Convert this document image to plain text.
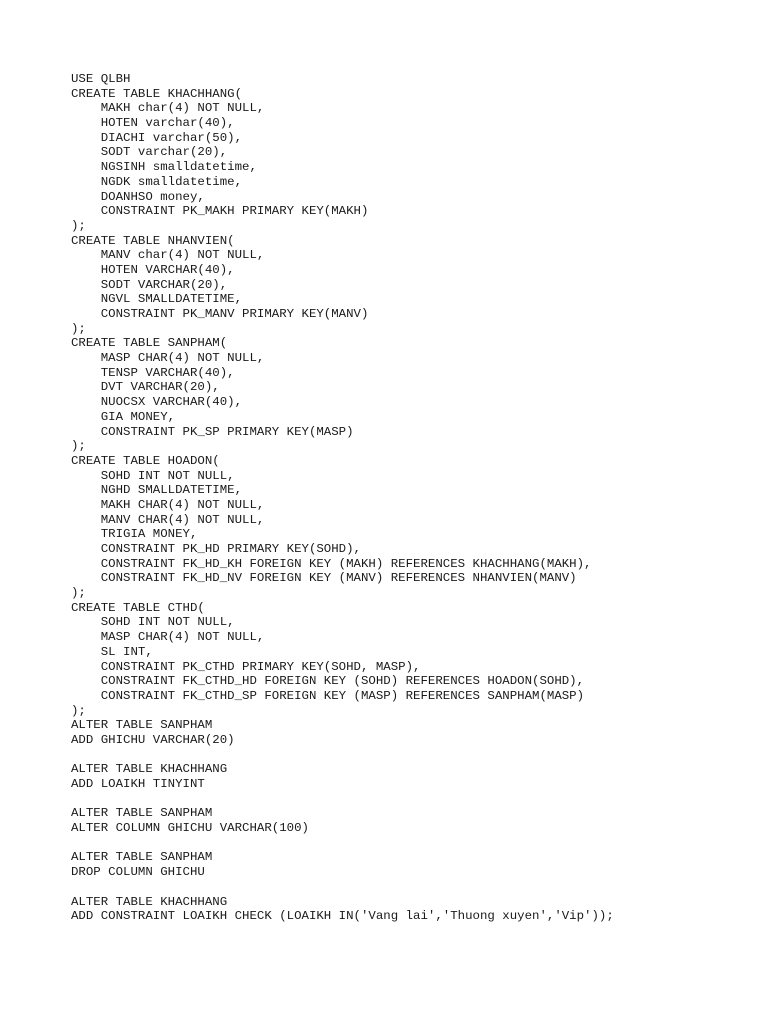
USE QLBH
CREATE TABLE KHACHHANG(
MAKH char(4) NOT NULL,
HOTEN varchar(40),
DIACHI varchar(50),
SODT varchar(20),
NGSINH smalldatetime,
NGDK smalldatetime,
DOANHSO money,
CONSTRAINT PK_MAKH PRIMARY KEY(MAKH)
);
CREATE TABLE NHANVIEN(
MANV char(4) NOT NULL,
HOTEN VARCHAR(40),
SODT VARCHAR(20),
NGVL SMALLDATETIME,
CONSTRAINT PK_MANV PRIMARY KEY(MANV)
);
CREATE TABLE SANPHAM(
MASP CHAR(4) NOT NULL,
TENSP VARCHAR(40),
DVT VARCHAR(20),
NUOCSX VARCHAR(40),
GIA MONEY,
CONSTRAINT PK_SP PRIMARY KEY(MASP)
);
CREATE TABLE HOADON(
SOHD INT NOT NULL,
NGHD SMALLDATETIME,
MAKH CHAR(4) NOT NULL,
MANV CHAR(4) NOT NULL,
TRIGIA MONEY,
CONSTRAINT PK_HD PRIMARY KEY(SOHD),
CONSTRAINT FK_HD_KH FOREIGN KEY (MAKH) REFERENCES KHACHHANG(MAKH),
CONSTRAINT FK_HD_NV FOREIGN KEY (MANV) REFERENCES NHANVIEN(MANV)
);
CREATE TABLE CTHD(
SOHD INT NOT NULL,
MASP CHAR(4) NOT NULL,
SL INT,
CONSTRAINT PK_CTHD PRIMARY KEY(SOHD, MASP),
CONSTRAINT FK_CTHD_HD FOREIGN KEY (SOHD) REFERENCES HOADON(SOHD),
CONSTRAINT FK_CTHD_SP FOREIGN KEY (MASP) REFERENCES SANPHAM(MASP)
);
ALTER TABLE SANPHAM
ADD GHICHU VARCHAR(20)
ALTER TABLE KHACHHANG
ADD LOAIKH TINYINT
ALTER TABLE SANPHAM
ALTER COLUMN GHICHU VARCHAR(100)
ALTER TABLE SANPHAM
DROP COLUMN GHICHU
ALTER TABLE KHACHHANG
ADD CONSTRAINT LOAIKH CHECK (LOAIKH IN('Vang lai','Thuong xuyen','Vip'));
